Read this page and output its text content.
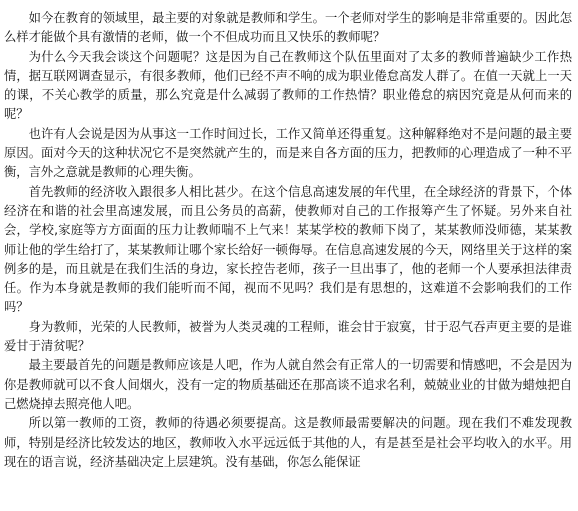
如今在教育的领域里，最主要的对象就是教师和学生。一个老师对学生的影响是非常重要的。因此怎么样才能做个具有激情的老师，做一个不但成功而且又快乐的教师呢？

为什么今天我会谈这个问题呢？这是因为自己在教师这个队伍里面对了太多的教师普遍缺少工作热情，据互联网调查显示，有很多教师，他们已经不声不响的成为职业倦怠高发人群了。在值一天就上一天的课，不关心教学的质量，那么究竟是什么减弱了教师的工作热情？职业倦怠的病因究竟是从何而来的呢？

也许有人会说是因为从事这一工作时间过长，工作又简单还得重复。这种解释绝对不是问题的最主要原因。面对今天的这种状况它不是突然就产生的，而是来自各方面的压力，把教师的心理造成了一种不平衡，言外之意就是教师的心理失衡。

首先教师的经济收入跟很多人相比甚少。在这个信息高速发展的年代里，在全球经济的背景下，个体经济在和谐的社会里高速发展，而且公务员的高薪，使教师对自己的工作报筹产生了怀疑。另外来自社会，学校,家庭等方方面面的压力让教师喘不上气来！某某学校的教师下岗了，某某教师没师德，某某教师让他的学生给打了，某某教师让哪个家长给好一顿侮辱。在信息高速发展的今天，网络里关于这样的案例多的是，而且就是在我们生活的身边，家长控告老师，孩子一旦出事了，他的老师一个人要承担法律责任。作为本身就是教师的我们能听而不闻，视而不见吗？我们是有思想的，这难道不会影响我们的工作吗？

身为教师，光荣的人民教师，被誉为人类灵魂的工程师，谁会甘于寂寞，甘于忍气吞声更主要的是谁爱甘于清贫呢？

最主要最首先的问题是教师应该是人吧，作为人就自然会有正常人的一切需要和情感吧，不会是因为你是教师就可以不食人间烟火，没有一定的物质基础还在那高谈不追求名利，兢兢业业的甘做为蜡烛把自己燃烧掉去照亮他人吧。

所以第一教师的工资，教师的待遇必须要提高。这是教师最需要解决的问题。现在我们不难发现教师，特别是经济比较发达的地区，教师收入水平远远低于其他的人，有是甚至是社会平均收入的水平。用现在的语言说，经济基础决定上层建筑。没有基础，你怎么能保证
